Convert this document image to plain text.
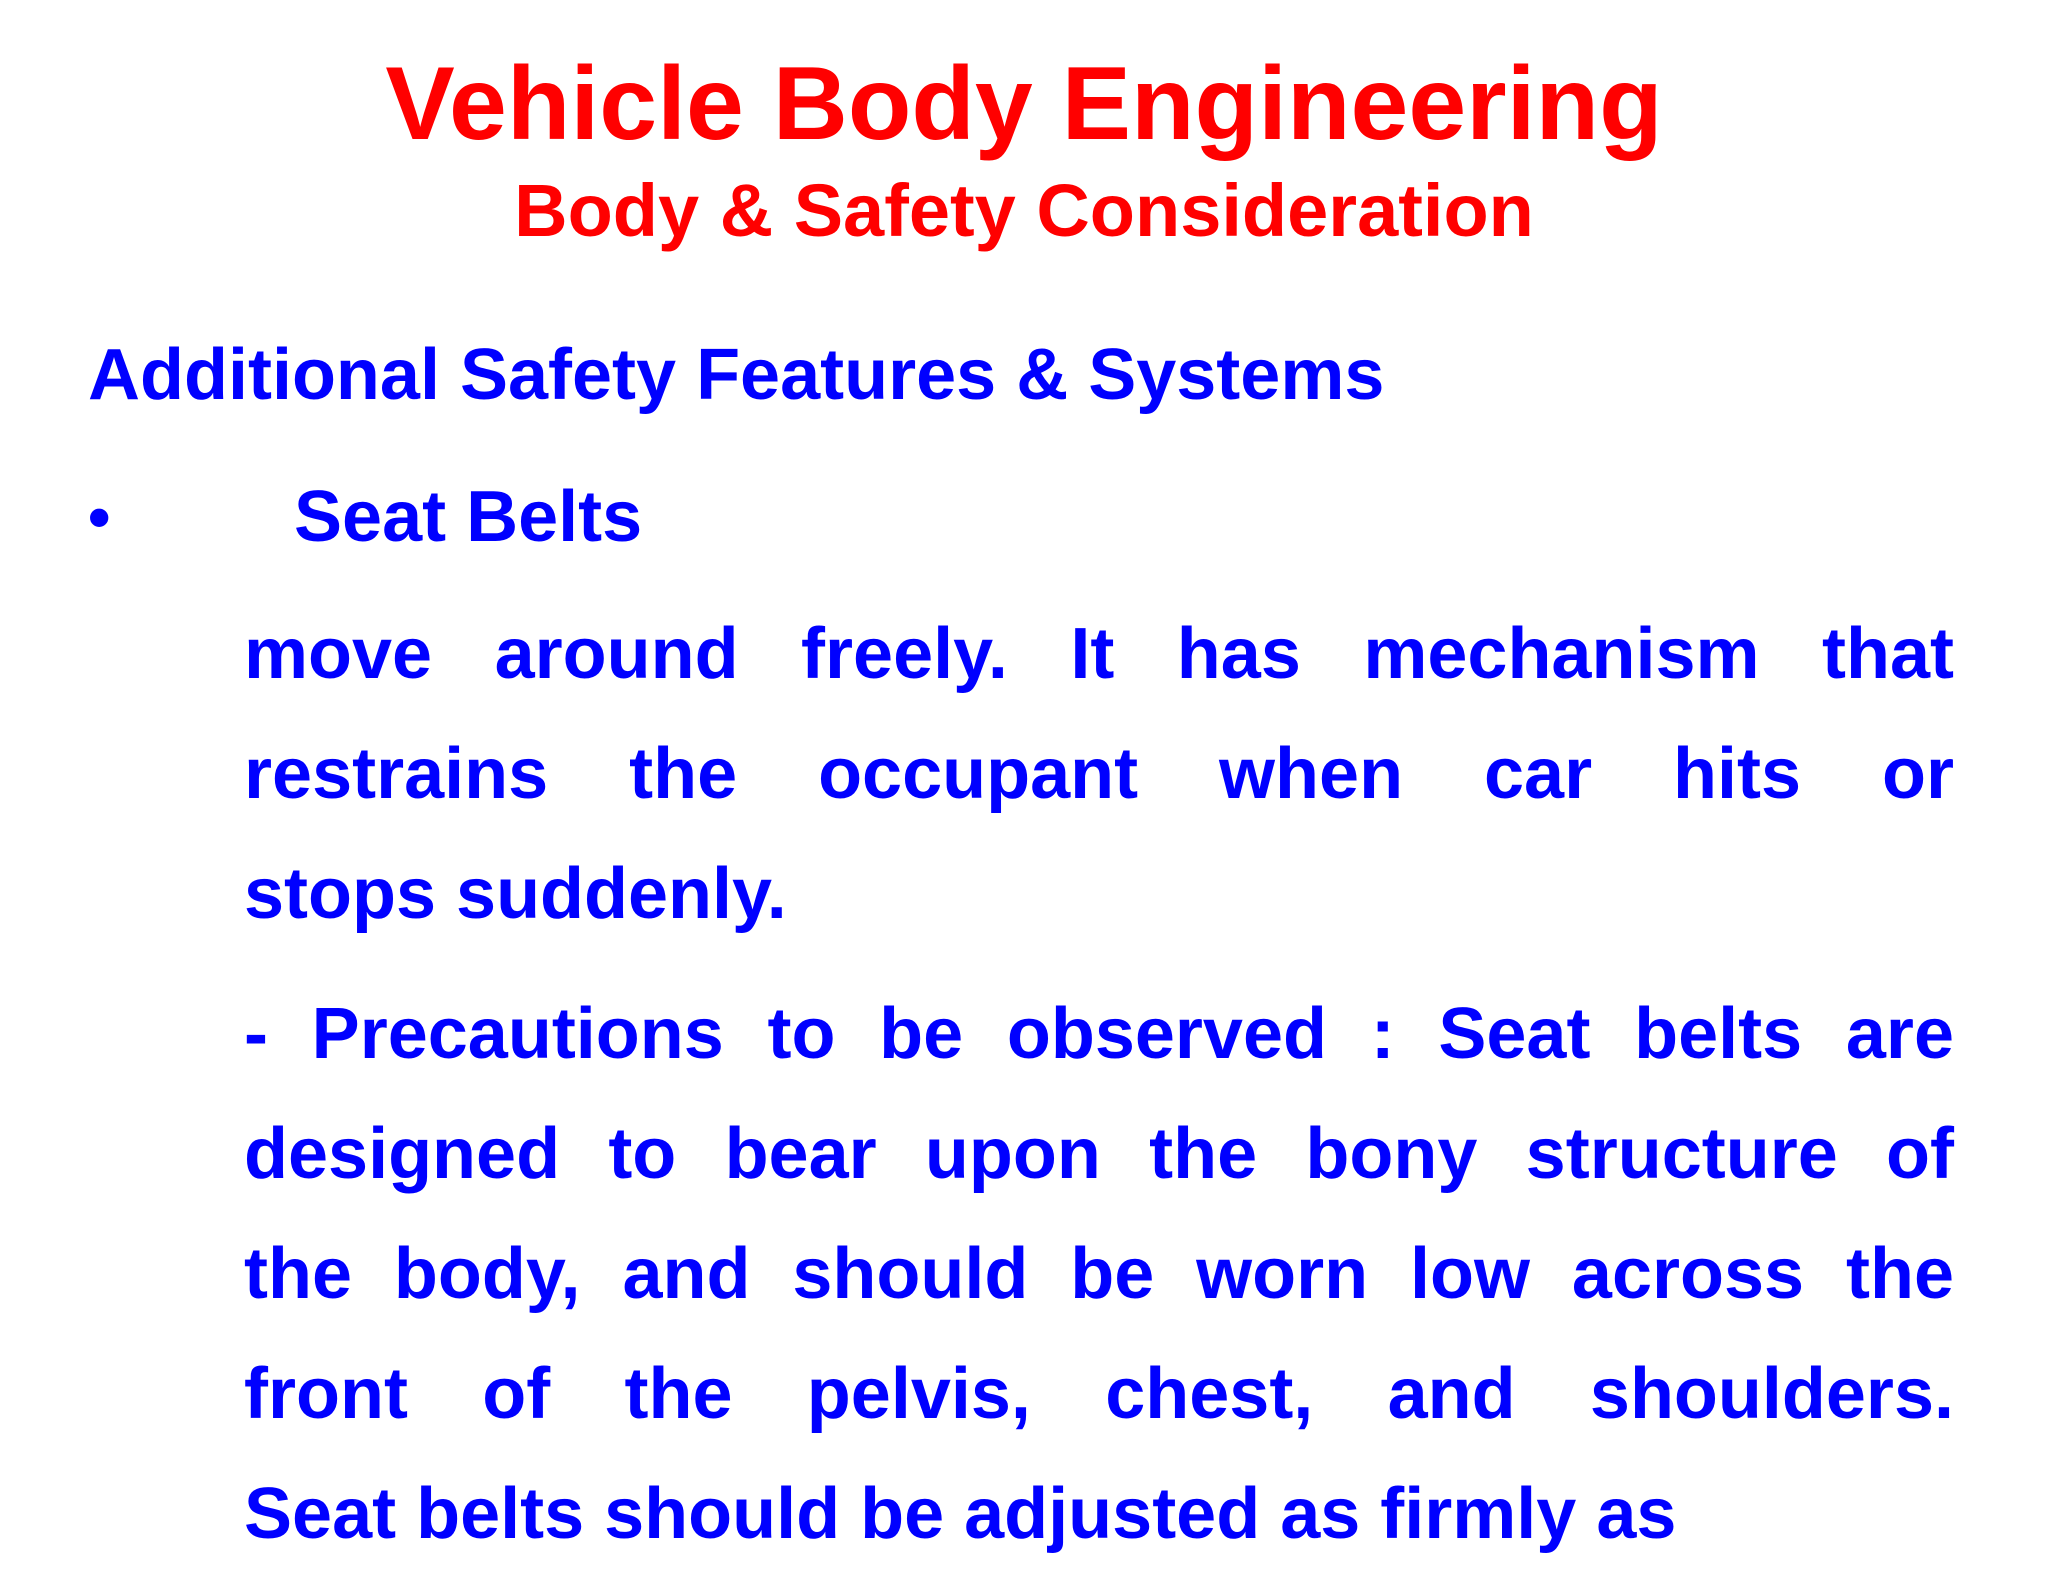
Vehicle Body Engineering
Body & Safety Consideration
Additional Safety Features & Systems
•	Seat Belts
move around freely. It has mechanism that
restrains the occupant when car hits or
stops suddenly.
- Precautions to be observed : Seat belts are
designed to bear upon the bony structure of
the body, and should be worn low across the
front of the pelvis, chest, and shoulders.
Seat belts should be adjusted as firmly as
